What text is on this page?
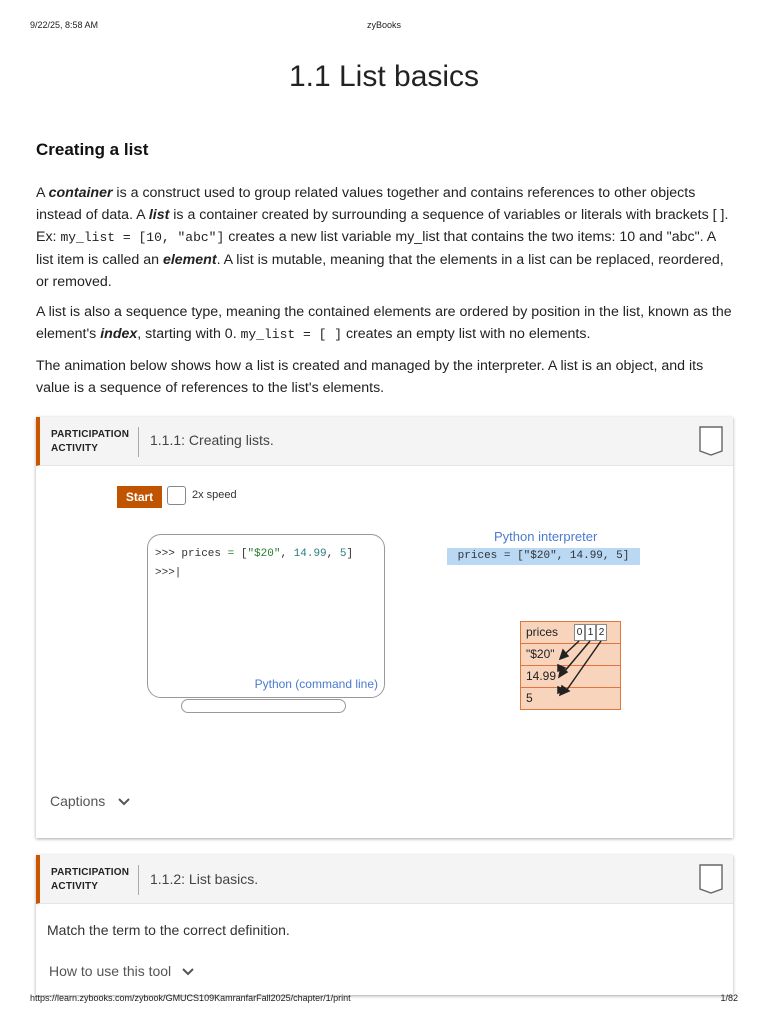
9/22/25, 8:58 AM	zyBooks
1.1 List basics
Creating a list
A container is a construct used to group related values together and contains references to other objects instead of data. A list is a container created by surrounding a sequence of variables or literals with brackets [ ]. Ex: my_list = [10, "abc"] creates a new list variable my_list that contains the two items: 10 and "abc". A list item is called an element. A list is mutable, meaning that the elements in a list can be replaced, reordered, or removed.
A list is also a sequence type, meaning the contained elements are ordered by position in the list, known as the element's index, starting with 0. my_list = [ ] creates an empty list with no elements.
The animation below shows how a list is created and managed by the interpreter. A list is an object, and its value is a sequence of references to the list's elements.
PARTICIPATION
ACTIVITY
1.1.1: Creating lists.
Start	2x speed
>>> prices = ["$20", 14.99, 5]
>>>|
Python (command line)
Python interpreter
prices = ["$20", 14.99, 5]
prices 0 1 2
"$20"
14.99
5
Captions
PARTICIPATION
ACTIVITY	1.1.2: List basics.
Match the term to the correct definition.
How to use this tool
https://learn.zybooks.com/zybook/GMUCS109KamranfarFall2025/chapter/1/print	1/82
